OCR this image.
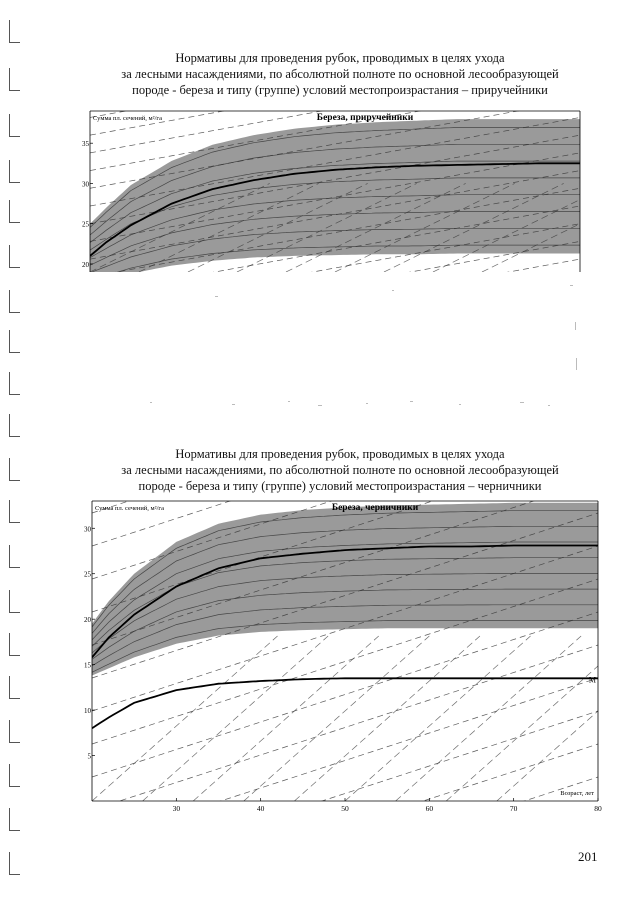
Нормативы для проведения рубок, проводимых в целях ухода
за лесными насаждениями, по абсолютной полноте по основной лесообразующей
породе - береза и типу (группе) условий местопроизрастания – приручейники
20
25
30
35
Сумма пл. сечений, м²/га	Береза, приручейники
Нормативы для проведения рубок, проводимых в целях ухода
за лесными насаждениями, по абсолютной полноте по основной лесообразующей
породе - береза и типу (группе) условий местопроизрастания – черничники
M
5
10
15
20
25
30
30	40	50	60	70	80
Сумма пл. сечений, м²/га	Береза, черничники
Возраст, лет
201
